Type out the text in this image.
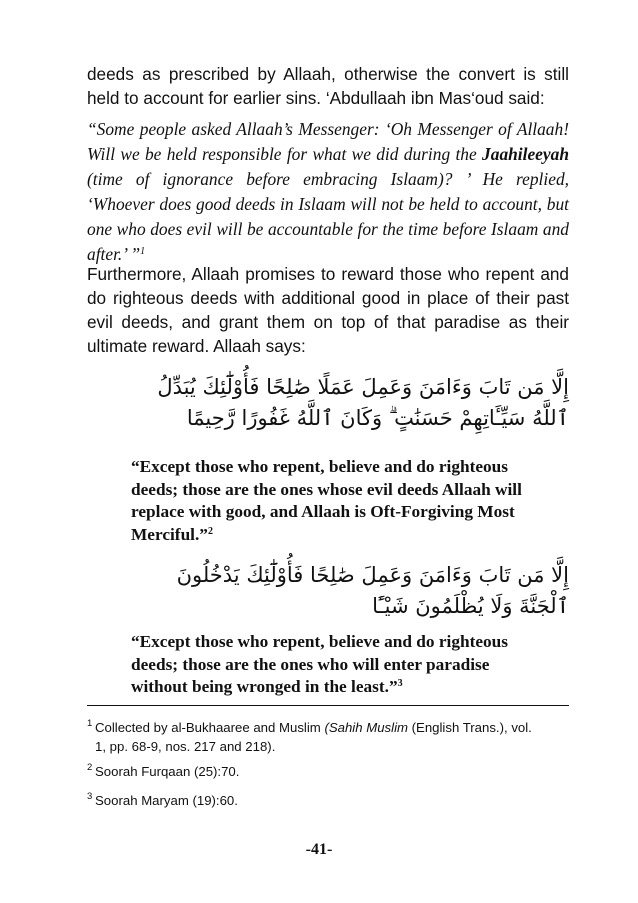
deeds as prescribed by Allaah, otherwise the convert is still held to account for earlier sins. ‘Abdullaah ibn Mas‘oud said:

“Some people asked Allaah’s Messenger: ‘Oh Messenger of Allaah! Will we be held responsible for what we did during the Jaahileeyah (time of ignorance before embracing Islaam)? ’ He replied, ‘Whoever does good deeds in Islaam will not be held to account, but one who does evil will be accountable for the time before Islaam and after.’ ”$^1$

Furthermore, Allaah promises to reward those who repent and do righteous deeds with additional good in place of their past evil deeds, and grant them on top of that paradise as their ultimate reward. Allaah says:

إِلَّا مَن تَابَ وَءَامَنَ وَعَمِلَ عَمَلًا صَٰلِحًا فَأُوْلَٰٓئِكَ يُبَدِّلُ ٱللَّهُ سَيِّـَٔاتِهِمْ حَسَنَٰتٍ ۗ وَكَانَ ٱللَّهُ غَفُورًا رَّحِيمًا

“Except those who repent, believe and do righteous deeds; those are the ones whose evil deeds Allaah will replace with good, and Allaah is Oft-Forgiving Most Merciful.”$^2$

إِلَّا مَن تَابَ وَءَامَنَ وَعَمِلَ صَٰلِحًا فَأُوْلَٰٓئِكَ يَدْخُلُونَ ٱلْجَنَّةَ وَلَا يُظْلَمُونَ شَيْـًٔا

“Except those who repent, believe and do righteous deeds; those are the ones who will enter paradise without being wronged in the least.”$^3$

1 Collected by al-Bukhaaree and Muslim (Sahih Muslim (English Trans.), vol.
1, pp. 68-9, nos. 217 and 218).
2 Soorah Furqaan (25):70.
3 Soorah Maryam (19):60.
-41-
